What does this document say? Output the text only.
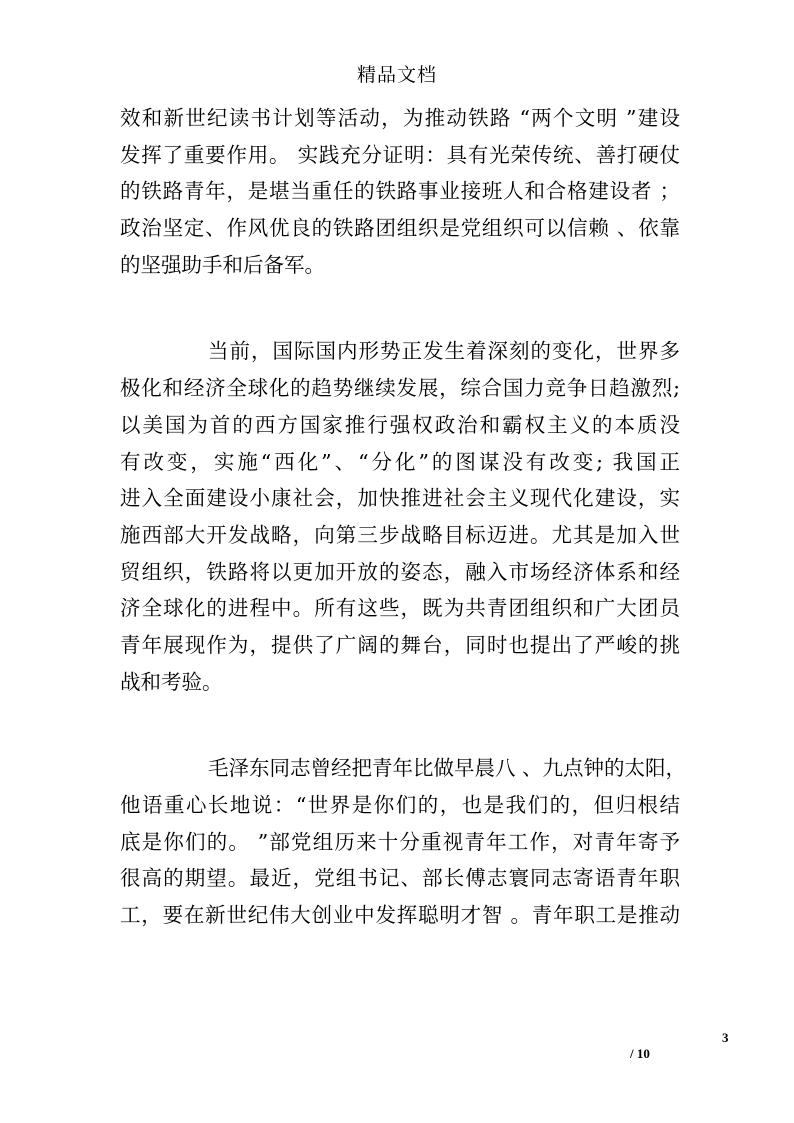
精品文档
效和新世纪读书计划等活动，为推动铁路 “两个文明 ”建设
发挥了重要作用。 实践充分证明：具有光荣传统、善打硬仗
的铁路青年，是堪当重任的铁路事业接班人和合格建设者 ；
政治坚定、作风优良的铁路团组织是党组织可以信赖 、依靠
的坚强助手和后备军。
当前，国际国内形势正发生着深刻的变化，世界多
极化和经济全球化的趋势继续发展，综合国力竞争日趋激烈;
以美国为首的西方国家推行强权政治和霸权主义的本质没
有改变，实施“西化”、“分化”的图谋没有改变; 我国正
进入全面建设小康社会，加快推进社会主义现代化建设，实
施西部大开发战略，向第三步战略目标迈进。尤其是加入世
贸组织，铁路将以更加开放的姿态，融入市场经济体系和经
济全球化的进程中。所有这些，既为共青团组织和广大团员
青年展现作为，提供了广阔的舞台，同时也提出了严峻的挑
战和考验。
毛泽东同志曾经把青年比做早晨八 、九点钟的太阳，
他语重心长地说：“世界是你们的，也是我们的，但归根结
底是你们的。 ”部党组历来十分重视青年工作，对青年寄予
很高的期望。最近，党组书记、部长傅志寰同志寄语青年职
工，要在新世纪伟大创业中发挥聪明才智 。青年职工是推动
3
/ 10
